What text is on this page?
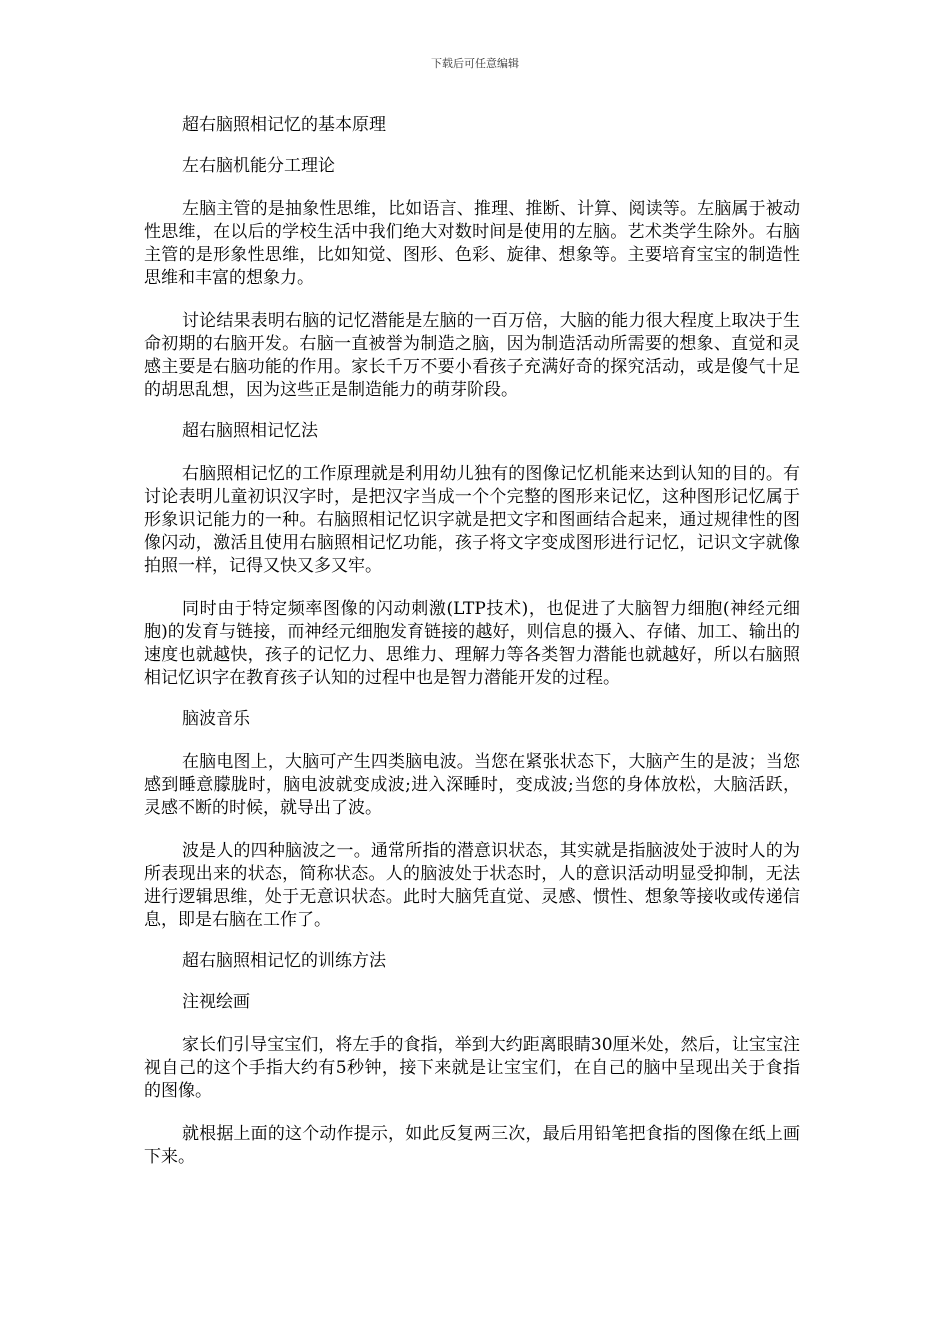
下载后可任意编辑

超右脑照相记忆的基本原理

左右脑机能分工理论

左脑主管的是抽象性思维，比如语言、推理、推断、计算、阅读等。左脑属于被动性思维，在以后的学校生活中我们绝大对数时间是使用的左脑。艺术类学生除外。右脑主管的是形象性思维，比如知觉、图形、色彩、旋律、想象等。主要培育宝宝的制造性思维和丰富的想象力。

讨论结果表明右脑的记忆潜能是左脑的一百万倍，大脑的能力很大程度上取决于生命初期的右脑开发。右脑一直被誉为制造之脑，因为制造活动所需要的想象、直觉和灵感主要是右脑功能的作用。家长千万不要小看孩子充满好奇的探究活动，或是傻气十足的胡思乱想，因为这些正是制造能力的萌芽阶段。

超右脑照相记忆法

右脑照相记忆的工作原理就是利用幼儿独有的图像记忆机能来达到认知的目的。有讨论表明儿童初识汉字时，是把汉字当成一个个完整的图形来记忆，这种图形记忆属于形象识记能力的一种。右脑照相记忆识字就是把文字和图画结合起来，通过规律性的图像闪动，激活且使用右脑照相记忆功能，孩子将文字变成图形进行记忆，记识文字就像拍照一样，记得又快又多又牢。

同时由于特定频率图像的闪动刺激(LTP技术)，也促进了大脑智力细胞(神经元细胞)的发育与链接，而神经元细胞发育链接的越好，则信息的摄入、存储、加工、输出的速度也就越快，孩子的记忆力、思维力、理解力等各类智力潜能也就越好，所以右脑照相记忆识字在教育孩子认知的过程中也是智力潜能开发的过程。

脑波音乐

在脑电图上，大脑可产生四类脑电波。当您在紧张状态下，大脑产生的是波；当您感到睡意朦胧时，脑电波就变成波;进入深睡时，变成波;当您的身体放松，大脑活跃，灵感不断的时候，就导出了波。

波是人的四种脑波之一。通常所指的潜意识状态，其实就是指脑波处于波时人的为所表现出来的状态，简称状态。人的脑波处于状态时，人的意识活动明显受抑制，无法进行逻辑思维，处于无意识状态。此时大脑凭直觉、灵感、惯性、想象等接收或传递信息，即是右脑在工作了。

超右脑照相记忆的训练方法

注视绘画

家长们引导宝宝们，将左手的食指，举到大约距离眼睛30厘米处，然后，让宝宝注视自己的这个手指大约有5秒钟，接下来就是让宝宝们，在自己的脑中呈现出关于食指的图像。

就根据上面的这个动作提示，如此反复两三次，最后用铅笔把食指的图像在纸上画下来。
